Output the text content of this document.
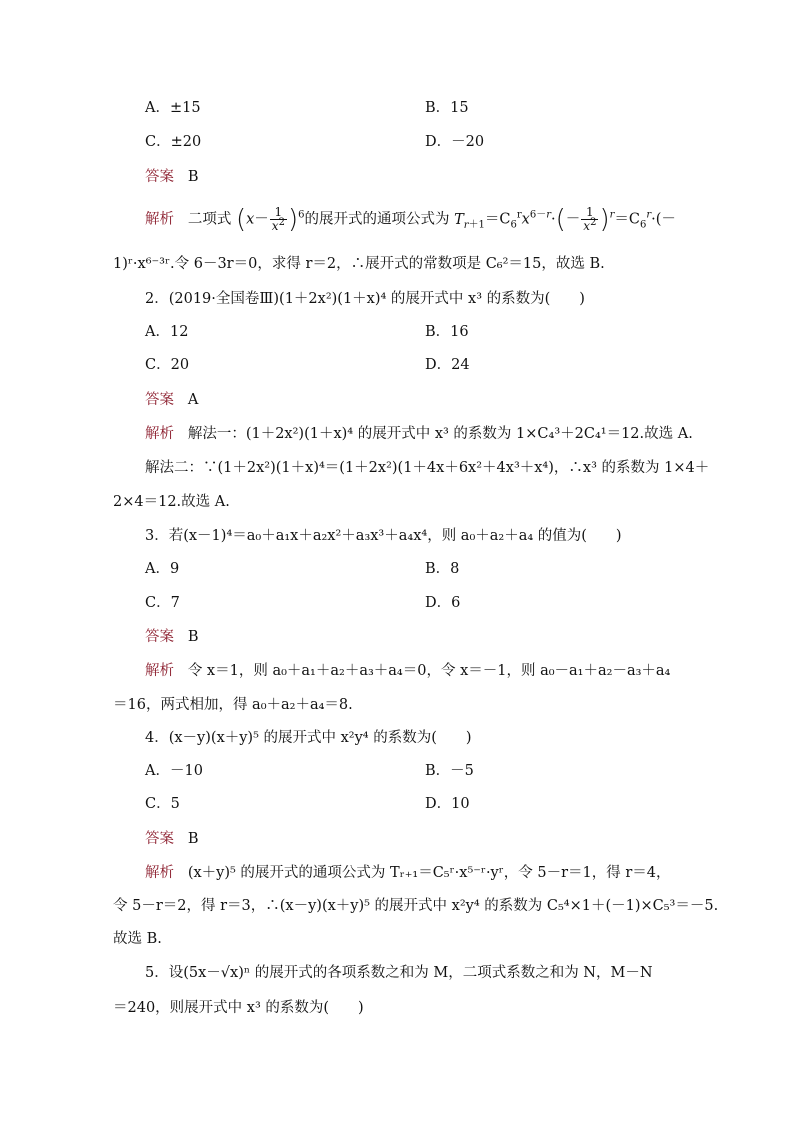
A．±15	B．15
C．±20	D．－20
答案 B
解析 二项式 $(x- \frac{1}{x^2} )^6$的展开式的通项公式为 $T_{r+1}=C_6^rx^{6-r}\cdot(- \frac{1}{x^2} )^r=C_6^r\cdot(-$
1)ʳ·x⁶⁻³ʳ.令 6－3r＝0，求得 r＝2，∴展开式的常数项是 C₆²＝15，故选 B.
2．(2019·全国卷Ⅲ)(1＋2x²)(1＋x)⁴ 的展开式中 x³ 的系数为(　　)
A．12	B．16
C．20	D．24
答案 A
解析 解法一：(1＋2x²)(1＋x)⁴ 的展开式中 x³ 的系数为 1×C₄³＋2C₄¹＝12.故选 A.
解法二：∵(1＋2x²)(1＋x)⁴＝(1＋2x²)(1＋4x＋6x²＋4x³＋x⁴)，∴x³ 的系数为 1×4＋
2×4＝12.故选 A.
3．若(x－1)⁴＝a₀＋a₁x＋a₂x²＋a₃x³＋a₄x⁴，则 a₀＋a₂＋a₄ 的值为(　　)
A．9	B．8
C．7	D．6
答案 B
解析 令 x＝1，则 a₀＋a₁＋a₂＋a₃＋a₄＝0，令 x＝－1，则 a₀－a₁＋a₂－a₃＋a₄
＝16，两式相加，得 a₀＋a₂＋a₄＝8.
4．(x－y)(x＋y)⁵ 的展开式中 x²y⁴ 的系数为(　　)
A．－10	B．－5
C．5	D．10
答案 B
解析 (x＋y)⁵ 的展开式的通项公式为 Tᵣ₊₁＝C₅ʳ·x⁵⁻ʳ·yʳ，令 5－r＝1，得 r＝4，
令 5－r＝2，得 r＝3，∴(x－y)(x＋y)⁵ 的展开式中 x²y⁴ 的系数为 C₅⁴×1＋(－1)×C₅³＝－5.
故选 B.
5．设(5x－√x)ⁿ 的展开式的各项系数之和为 M，二项式系数之和为 N，M－N
＝240，则展开式中 x³ 的系数为(　　)
